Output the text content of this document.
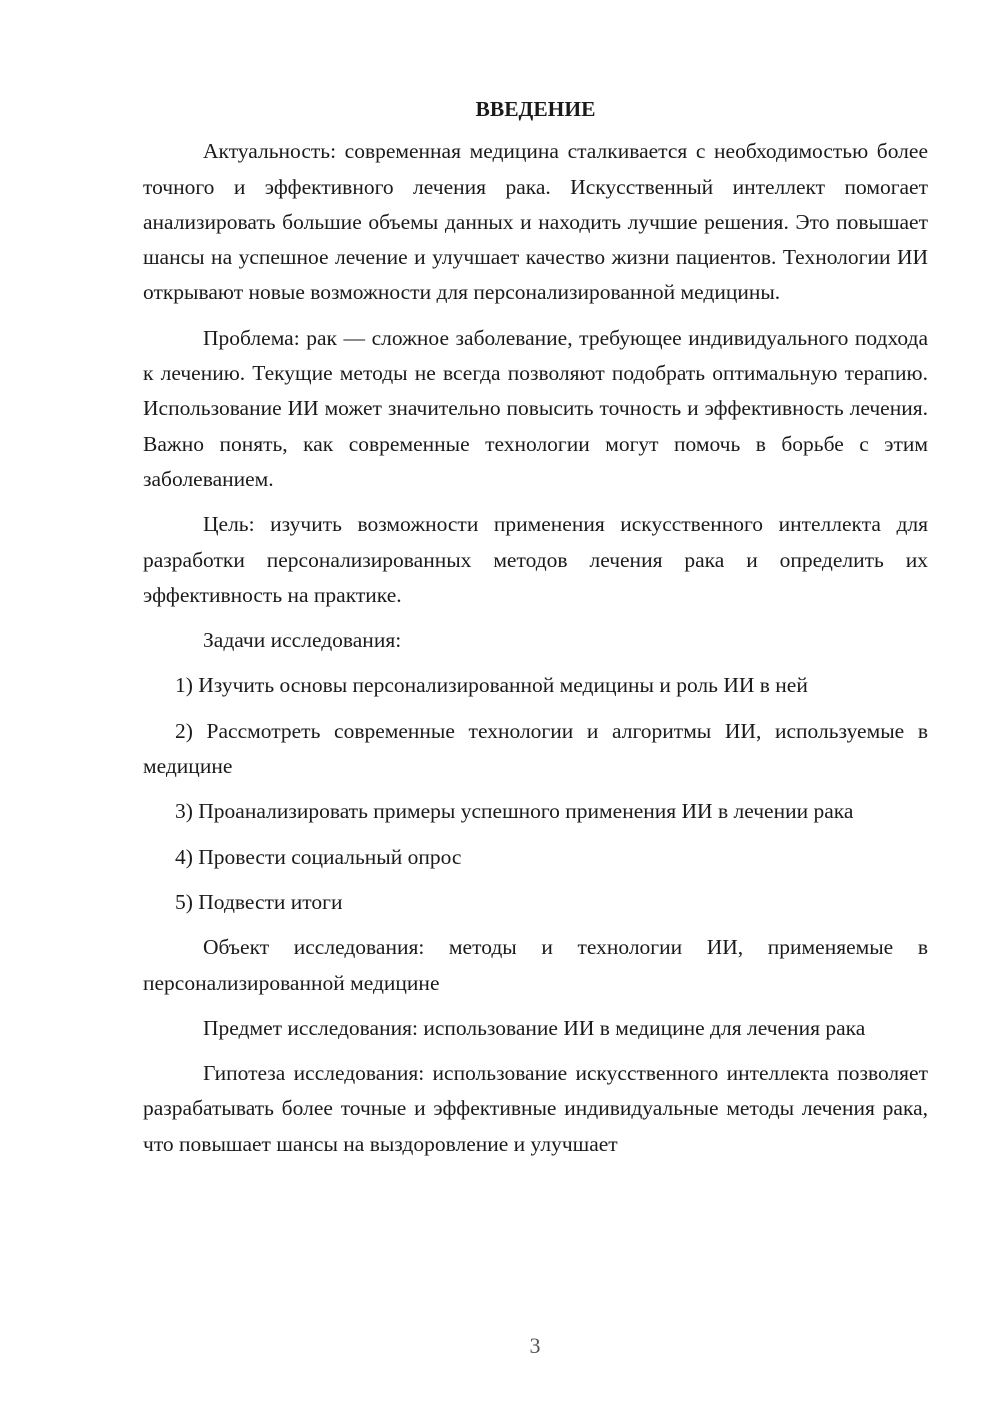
ВВЕДЕНИЕ

Актуальность: современная медицина сталкивается с необходимостью более точного и эффективного лечения рака. Искусственный интеллект помогает анализировать большие объемы данных и находить лучшие решения. Это повышает шансы на успешное лечение и улучшает качество жизни пациентов. Технологии ИИ открывают новые возможности для персонализированной медицины.

Проблема: рак — сложное заболевание, требующее индивидуального подхода к лечению. Текущие методы не всегда позволяют подобрать оптимальную терапию. Использование ИИ может значительно повысить точность и эффективность лечения. Важно понять, как современные технологии могут помочь в борьбе с этим заболеванием.

Цель: изучить возможности применения искусственного интеллекта для разработки персонализированных методов лечения рака и определить их эффективность на практике.

Задачи исследования:

1) Изучить основы персонализированной медицины и роль ИИ в ней

2) Рассмотреть современные технологии и алгоритмы ИИ, используемые в медицине

3) Проанализировать примеры успешного применения ИИ в лечении рака

4) Провести социальный опрос

5) Подвести итоги

Объект исследования: методы и технологии ИИ, применяемые в персонализированной медицине

Предмет исследования: использование ИИ в медицине для лечения рака

Гипотеза исследования: использование искусственного интеллекта позволяет разрабатывать более точные и эффективные индивидуальные методы лечения рака, что повышает шансы на выздоровление и улучшает

3
